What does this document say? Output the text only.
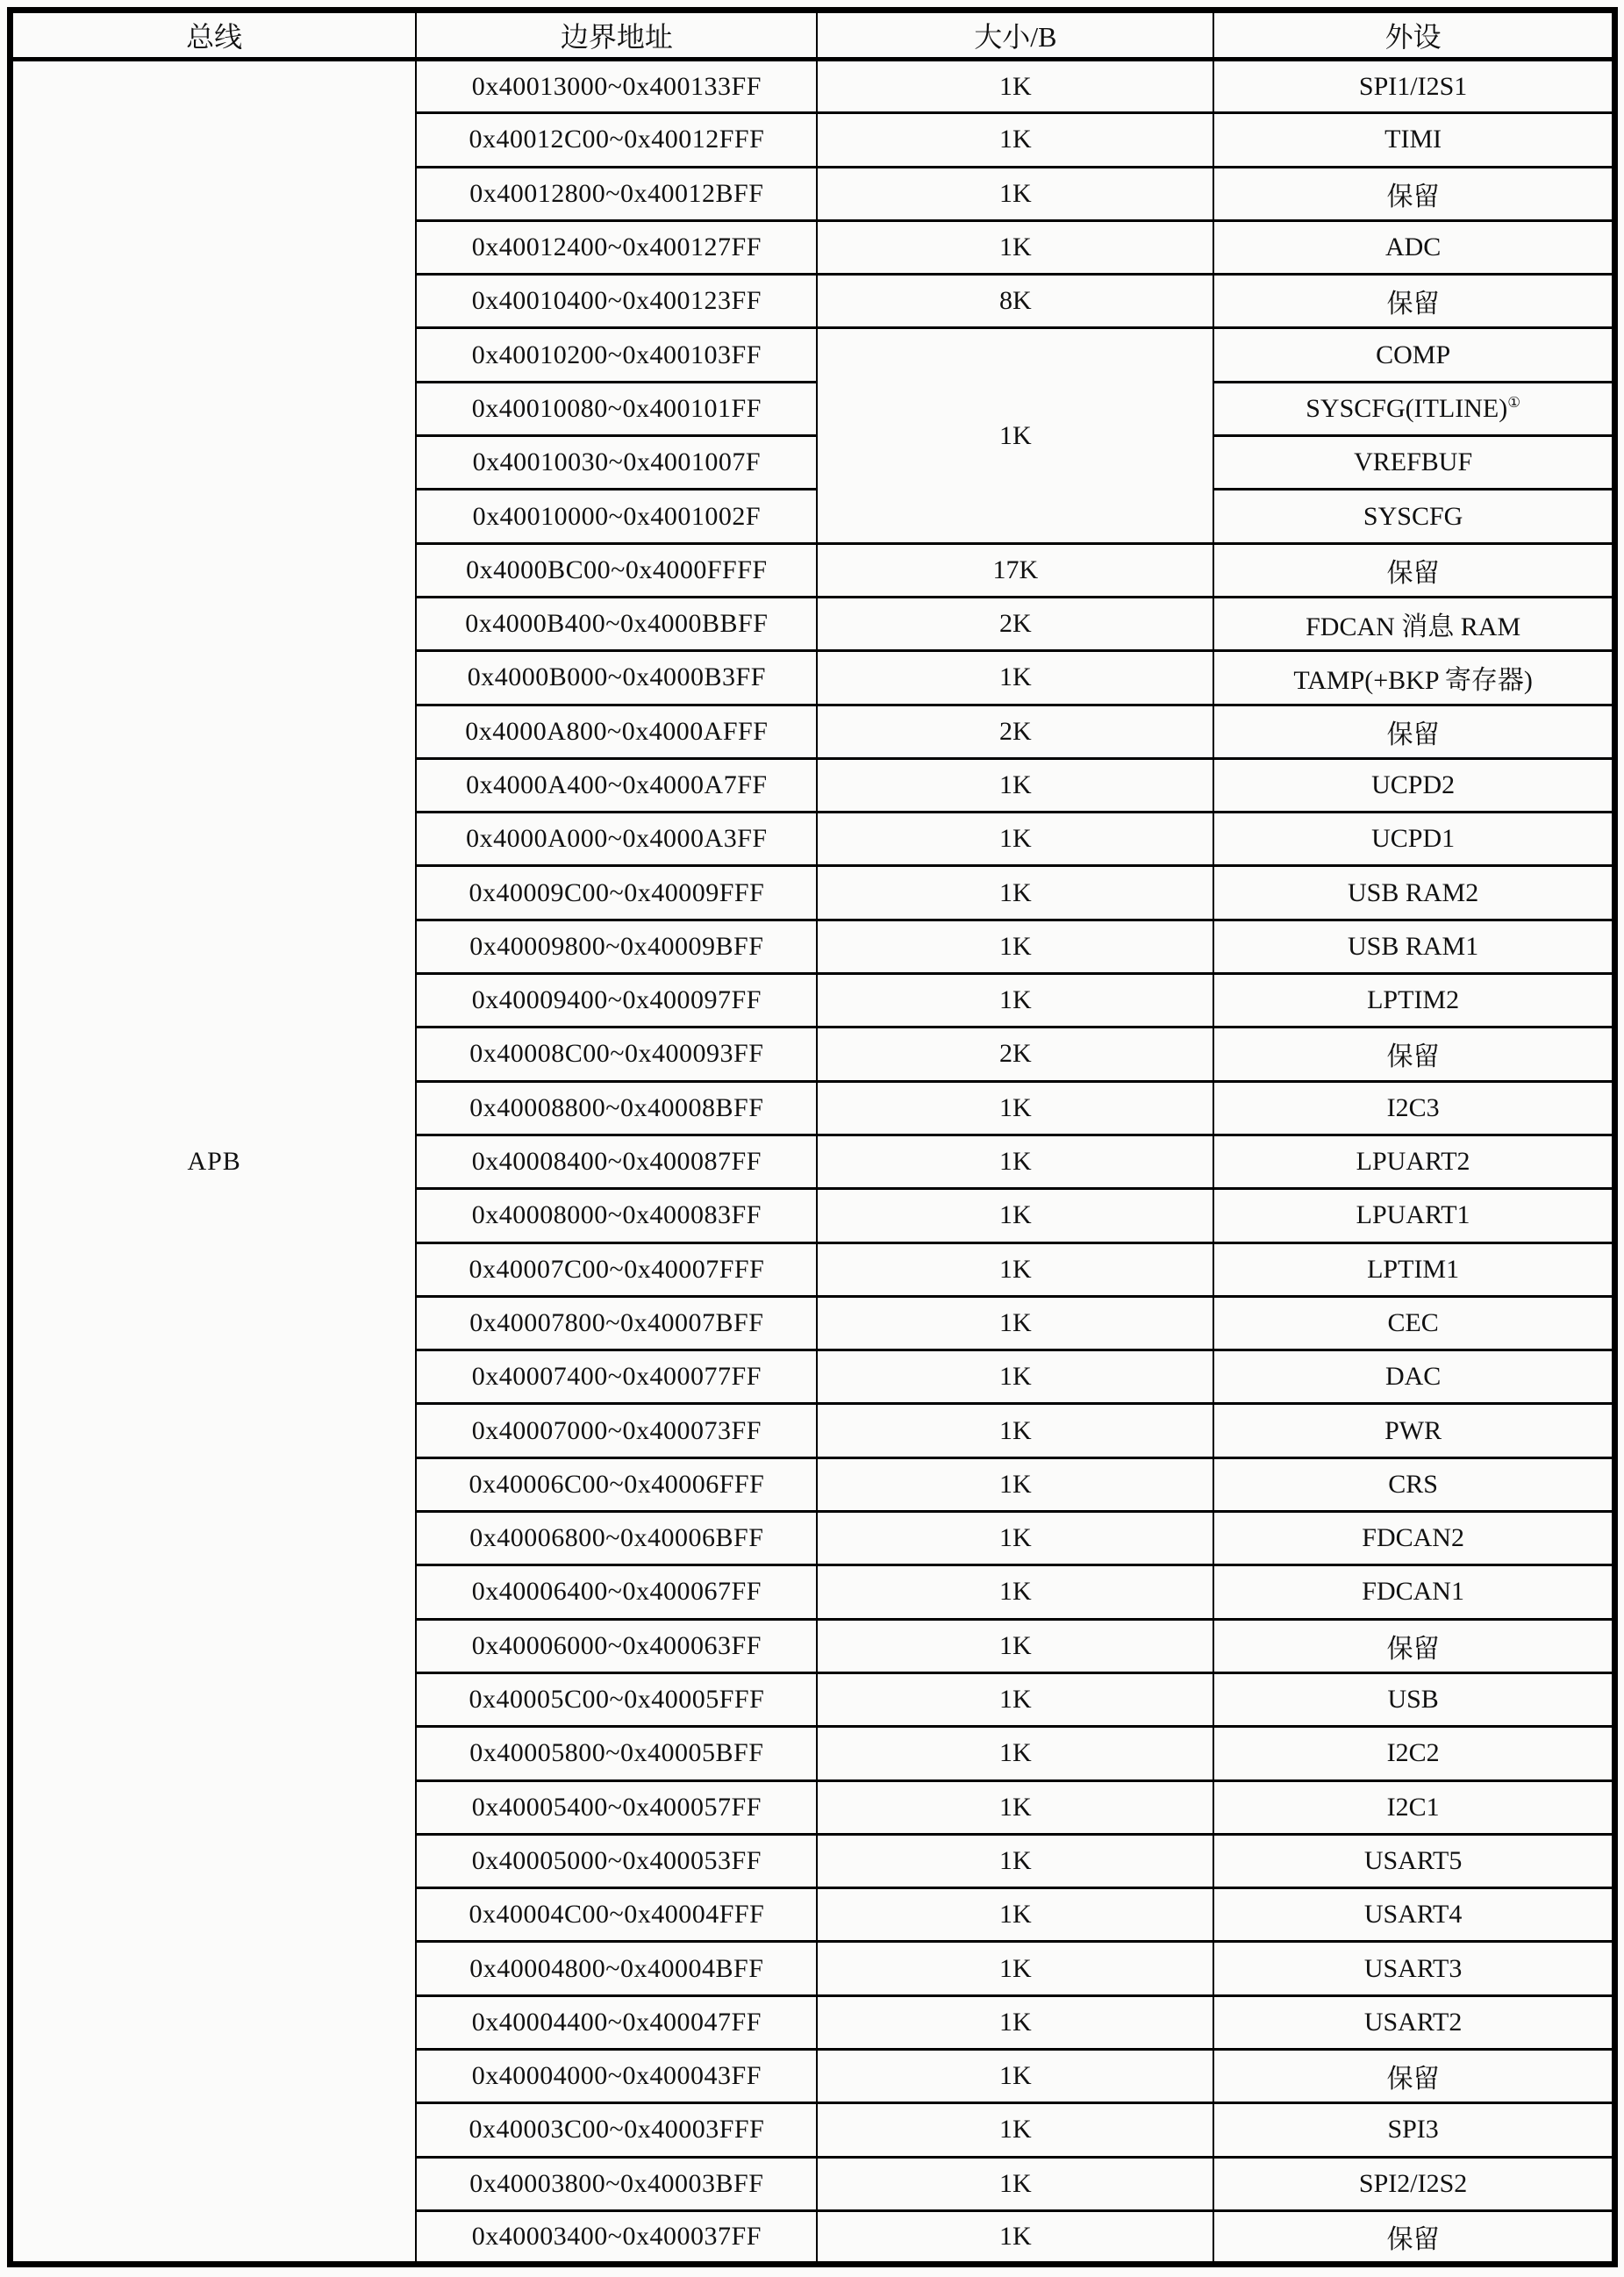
总线	边界地址	大小/B	外设
APB	0x40013000~0x400133FF	1K	SPI1/I2S1
	0x40012C00~0x40012FFF	1K	TIMI
	0x40012800~0x40012BFF	1K	保留
	0x40012400~0x400127FF	1K	ADC
	0x40010400~0x400123FF	8K	保留
	0x40010200~0x400103FF	1K	COMP
	0x40010080~0x400101FF		SYSCFG(ITLINE)①
	0x40010030~0x4001007F		VREFBUF
	0x40010000~0x4001002F		SYSCFG
	0x4000BC00~0x4000FFFF	17K	保留
	0x4000B400~0x4000BBFF	2K	FDCAN 消息 RAM
	0x4000B000~0x4000B3FF	1K	TAMP(+BKP 寄存器)
	0x4000A800~0x4000AFFF	2K	保留
	0x4000A400~0x4000A7FF	1K	UCPD2
	0x4000A000~0x4000A3FF	1K	UCPD1
	0x40009C00~0x40009FFF	1K	USB RAM2
	0x40009800~0x40009BFF	1K	USB RAM1
	0x40009400~0x400097FF	1K	LPTIM2
	0x40008C00~0x400093FF	2K	保留
	0x40008800~0x40008BFF	1K	I2C3
	0x40008400~0x400087FF	1K	LPUART2
	0x40008000~0x400083FF	1K	LPUART1
	0x40007C00~0x40007FFF	1K	LPTIM1
	0x40007800~0x40007BFF	1K	CEC
	0x40007400~0x400077FF	1K	DAC
	0x40007000~0x400073FF	1K	PWR
	0x40006C00~0x40006FFF	1K	CRS
	0x40006800~0x40006BFF	1K	FDCAN2
	0x40006400~0x400067FF	1K	FDCAN1
	0x40006000~0x400063FF	1K	保留
	0x40005C00~0x40005FFF	1K	USB
	0x40005800~0x40005BFF	1K	I2C2
	0x40005400~0x400057FF	1K	I2C1
	0x40005000~0x400053FF	1K	USART5
	0x40004C00~0x40004FFF	1K	USART4
	0x40004800~0x40004BFF	1K	USART3
	0x40004400~0x400047FF	1K	USART2
	0x40004000~0x400043FF	1K	保留
	0x40003C00~0x40003FFF	1K	SPI3
	0x40003800~0x40003BFF	1K	SPI2/I2S2
	0x40003400~0x400037FF	1K	保留
